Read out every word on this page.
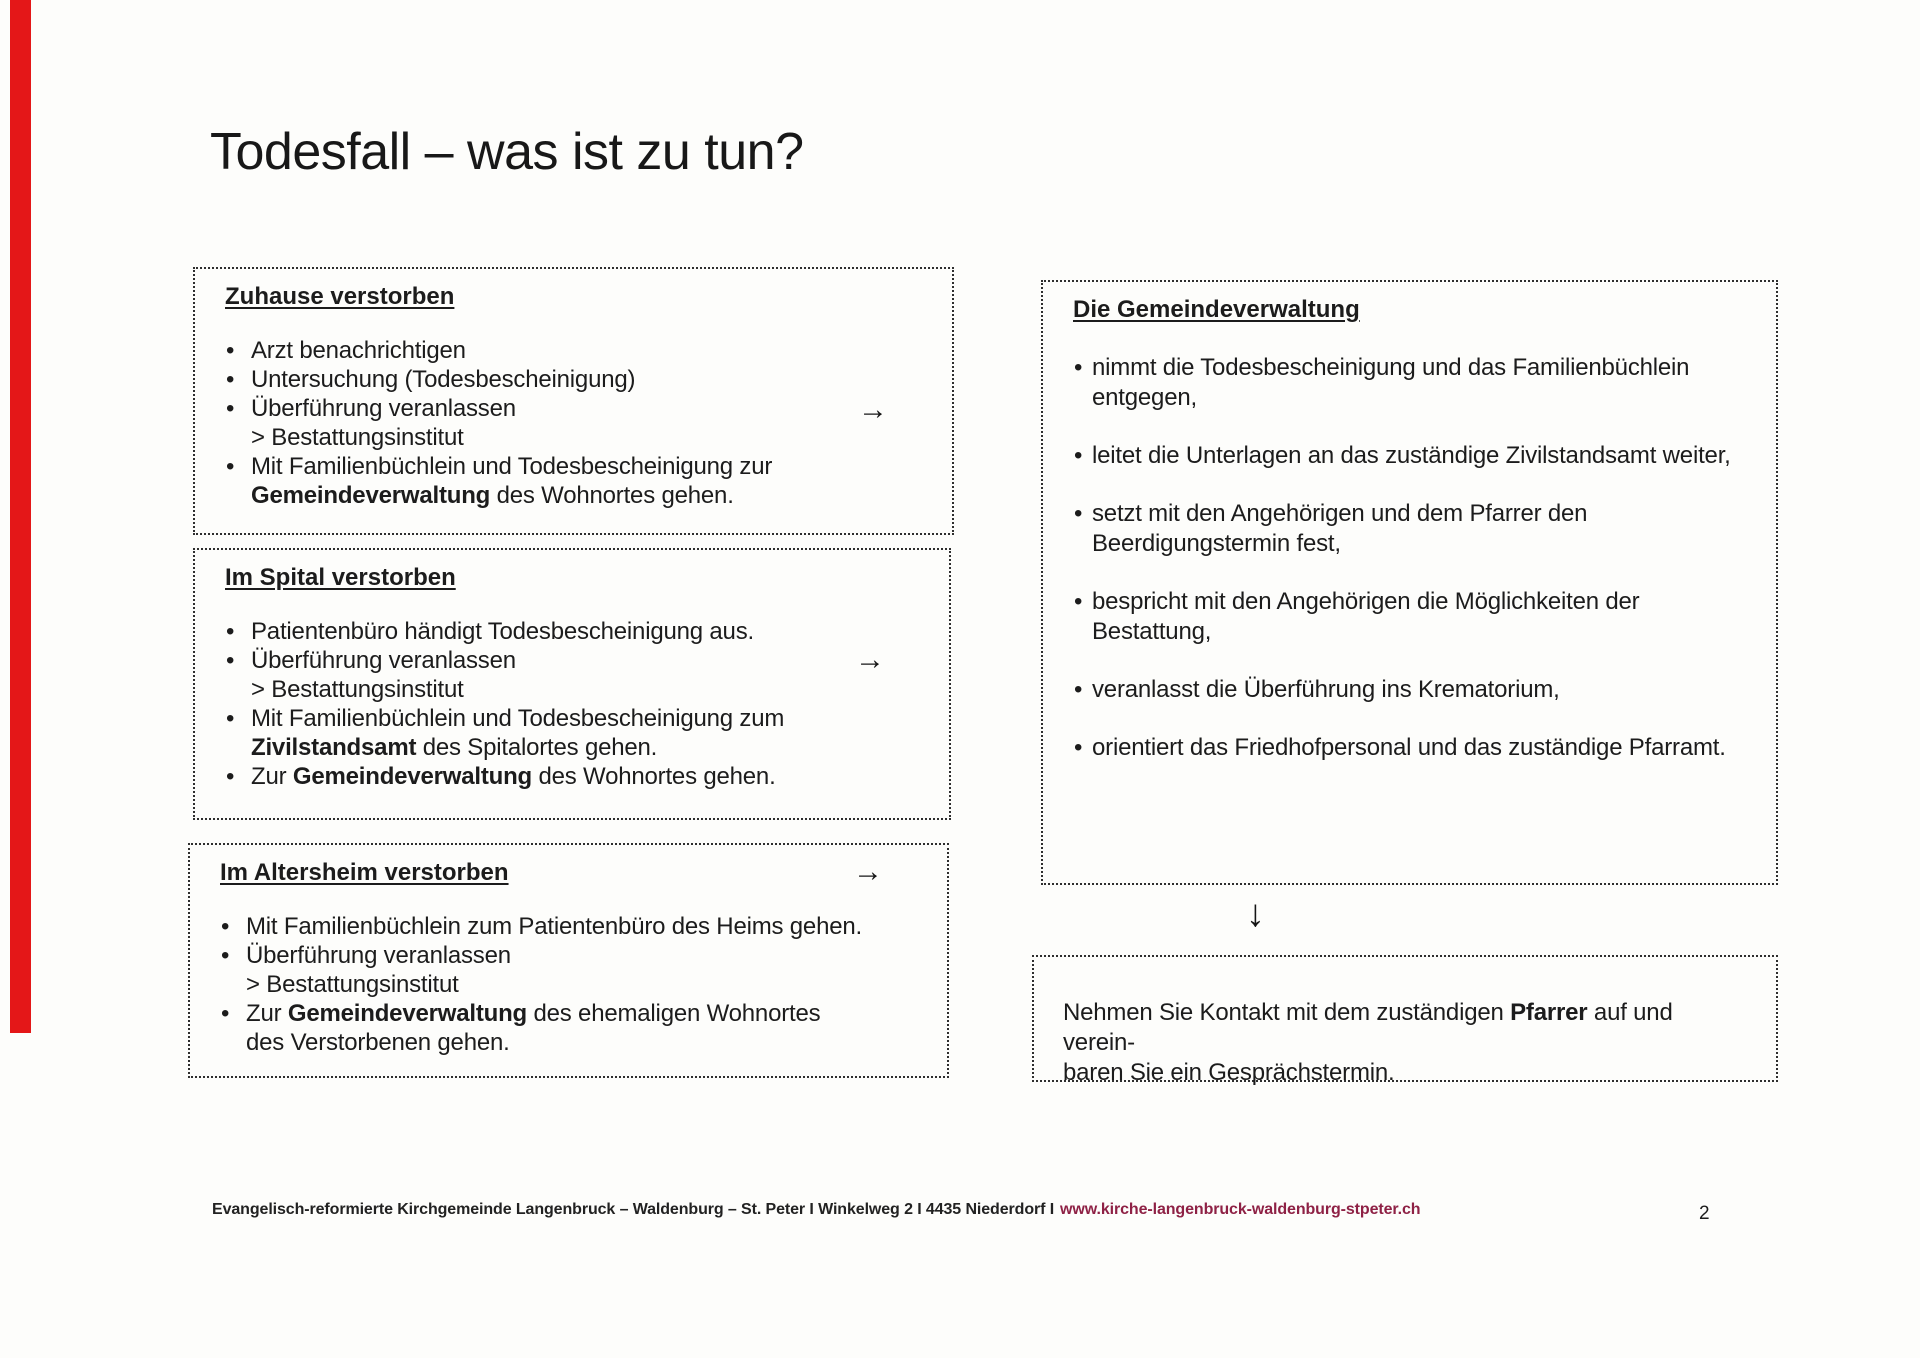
Todesfall – was ist zu tun?
Zuhause verstorben
• Arzt benachrichtigen
• Untersuchung (Todesbescheinigung)
• Überführung veranlassen
> Bestattungsinstitut
• Mit Familienbüchlein und Todesbescheinigung zur
Gemeindeverwaltung des Wohnortes gehen.
→
Im Spital verstorben
• Patientenbüro händigt Todesbescheinigung aus.
• Überführung veranlassen
> Bestattungsinstitut
• Mit Familienbüchlein und Todesbescheinigung zum
Zivilstandsamt des Spitalortes gehen.
• Zur Gemeindeverwaltung des Wohnortes gehen.
→
Im Altersheim verstorben
• Mit Familienbüchlein zum Patientenbüro des Heims gehen.
• Überführung veranlassen
> Bestattungsinstitut
• Zur Gemeindeverwaltung des ehemaligen Wohnortes
des Verstorbenen gehen.
→
Die Gemeindeverwaltung
• nimmt die Todesbescheinigung und das Familienbüchlein
entgegen,
• leitet die Unterlagen an das zuständige Zivilstandsamt weiter,
• setzt mit den Angehörigen und dem Pfarrer den
Beerdigungstermin fest,
• bespricht mit den Angehörigen die Möglichkeiten der
Bestattung,
• veranlasst die Überführung ins Krematorium,
• orientiert das Friedhofpersonal und das zuständige Pfarramt.
↓
Nehmen Sie Kontakt mit dem zuständigen Pfarrer auf und verein-
baren Sie ein Gesprächstermin.
Evangelisch-reformierte Kirchgemeinde Langenbruck – Waldenburg – St. Peter I Winkelweg 2 I 4435 Niederdorf I www.kirche-langenbruck-waldenburg-stpeter.ch	2
